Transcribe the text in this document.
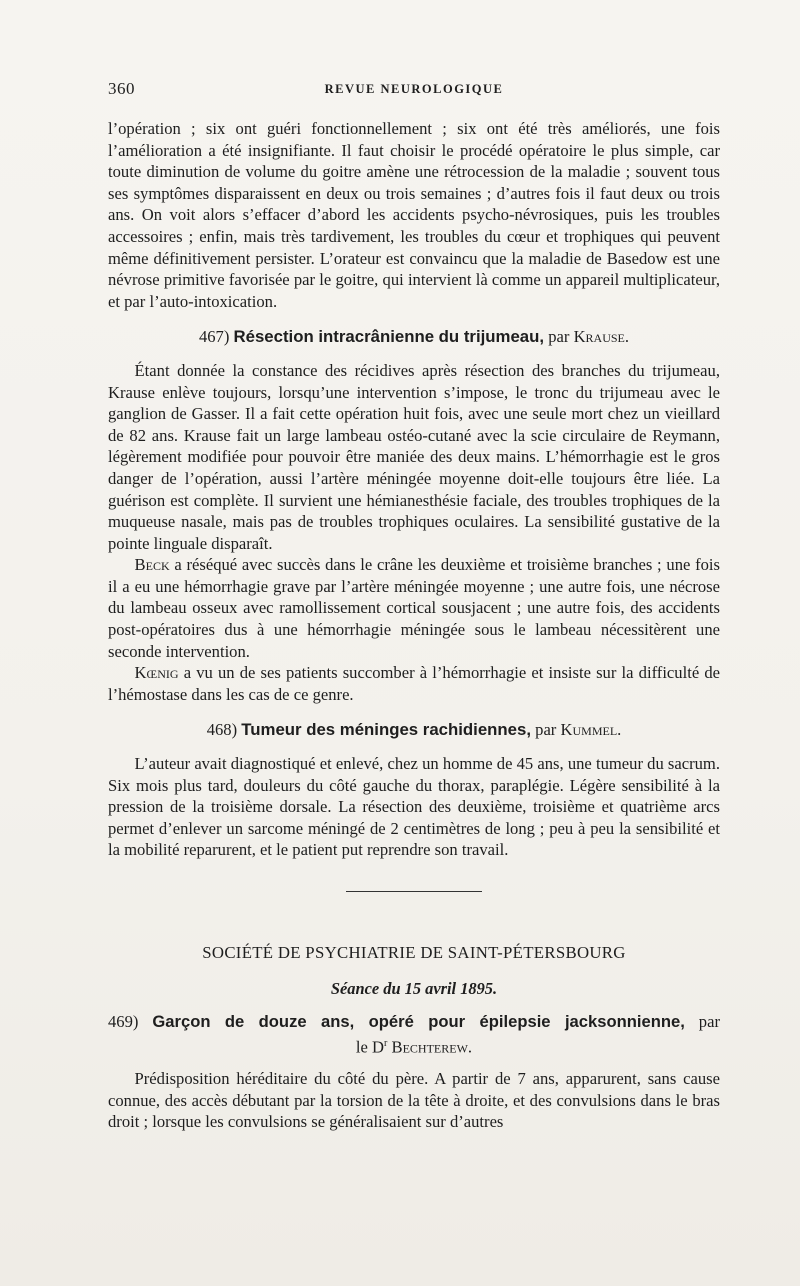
360	REVUE NEUROLOGIQUE

l’opération ; six ont guéri fonctionnellement ; six ont été très améliorés, une fois l’amélioration a été insignifiante. Il faut choisir le procédé opératoire le plus simple, car toute diminution de volume du goitre amène une rétrocession de la maladie ; souvent tous ses symptômes disparaissent en deux ou trois semaines ; d’autres fois il faut deux ou trois ans. On voit alors s’effacer d’abord les accidents psycho-névrosiques, puis les troubles accessoires ; enfin, mais très tardivement, les troubles du cœur et trophiques qui peuvent même définitivement persister. L’orateur est convaincu que la maladie de Basedow est une névrose primitive favorisée par le goitre, qui intervient là comme un appareil multiplicateur, et par l’auto-intoxication.

467) Résection intracrânienne du trijumeau, par Krause.

Étant donnée la constance des récidives après résection des branches du trijumeau, Krause enlève toujours, lorsqu’une intervention s’impose, le tronc du trijumeau avec le ganglion de Gasser. Il a fait cette opération huit fois, avec une seule mort chez un vieillard de 82 ans. Krause fait un large lambeau ostéo-cutané avec la scie circulaire de Reymann, légèrement modifiée pour pouvoir être maniée des deux mains. L’hémorrhagie est le gros danger de l’opération, aussi l’artère méningée moyenne doit-elle toujours être liée. La guérison est complète. Il survient une hémianesthésie faciale, des troubles trophiques de la muqueuse nasale, mais pas de troubles trophiques oculaires. La sensibilité gustative de la pointe linguale disparaît.

Beck a réséqué avec succès dans le crâne les deuxième et troisième branches ; une fois il a eu une hémorrhagie grave par l’artère méningée moyenne ; une autre fois, une nécrose du lambeau osseux avec ramollissement cortical sousjacent ; une autre fois, des accidents post-opératoires dus à une hémorrhagie méningée sous le lambeau nécessitèrent une seconde intervention.

Kœnig a vu un de ses patients succomber à l’hémorrhagie et insiste sur la difficulté de l’hémostase dans les cas de ce genre.

468) Tumeur des méninges rachidiennes, par Kummel.

L’auteur avait diagnostiqué et enlevé, chez un homme de 45 ans, une tumeur du sacrum. Six mois plus tard, douleurs du côté gauche du thorax, paraplégie. Légère sensibilité à la pression de la troisième dorsale. La résection des deuxième, troisième et quatrième arcs permet d’enlever un sarcome méningé de 2 centimètres de long ; peu à peu la sensibilité et la mobilité reparurent, et le patient put reprendre son travail.

SOCIÉTÉ DE PSYCHIATRIE DE SAINT-PÉTERSBOURG
Séance du 15 avril 1895.
469) Garçon de douze ans, opéré pour épilepsie jacksonnienne, par
le $D^r$ Bechterew.

Prédisposition héréditaire du côté du père. A partir de 7 ans, apparurent, sans cause connue, des accès débutant par la torsion de la tête à droite, et des convulsions dans le bras droit ; lorsque les convulsions se généralisaient sur d’autres
